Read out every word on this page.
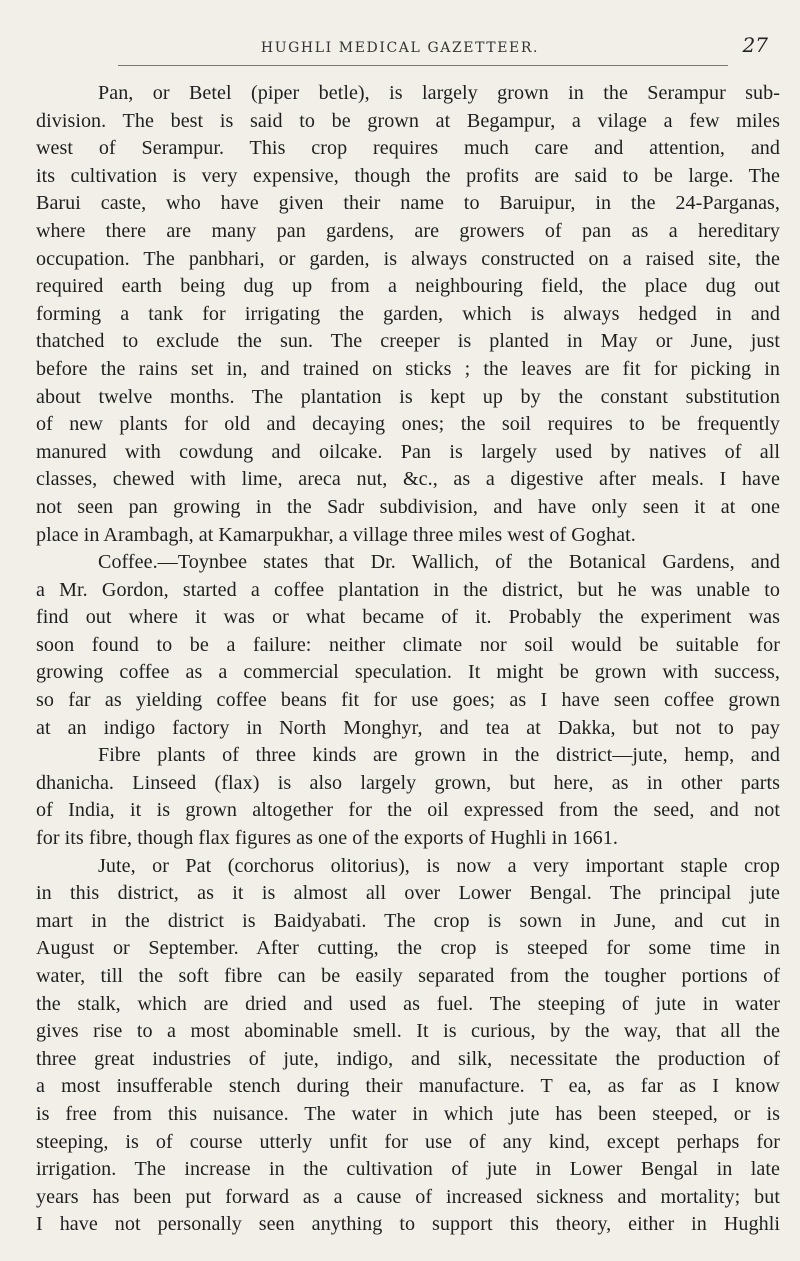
HUGHLI MEDICAL GAZETTEER.	27
Pan, or Betel (piper betle), is largely grown in the Serampur sub-
division. The best is said to be grown at Begampur, a vilage a few miles
west of Serampur. This crop requires much care and attention, and
its cultivation is very expensive, though the profits are said to be large. The
Barui caste, who have given their name to Baruipur, in the 24-Parganas,
where there are many pan gardens, are growers of pan as a hereditary
occupation. The panbhari, or garden, is always constructed on a raised site, the
required earth being dug up from a neighbouring field, the place dug out
forming a tank for irrigating the garden, which is always hedged in and
thatched to exclude the sun. The creeper is planted in May or June, just
before the rains set in, and trained on sticks ; the leaves are fit for picking in
about twelve months. The plantation is kept up by the constant substitution
of new plants for old and decaying ones; the soil requires to be frequently
manured with cowdung and oilcake. Pan is largely used by natives of all
classes, chewed with lime, areca nut, &c., as a digestive after meals. I have
not seen pan growing in the Sadr subdivision, and have only seen it at one
place in Arambagh, at Kamarpukhar, a village three miles west of Goghat.
Coffee.—Toynbee states that Dr. Wallich, of the Botanical Gardens, and
a Mr. Gordon, started a coffee plantation in the district, but he was unable to
find out where it was or what became of it. Probably the experiment was
soon found to be a failure: neither climate nor soil would be suitable for
growing coffee as a commercial speculation. It might be grown with success,
so far as yielding coffee beans fit for use goes; as I have seen coffee grown
at an indigo factory in North Monghyr, and tea at Dakka, but not to pay
Fibre plants of three kinds are grown in the district—jute, hemp, and
dhanicha. Linseed (flax) is also largely grown, but here, as in other parts
of India, it is grown altogether for the oil expressed from the seed, and not
for its fibre, though flax figures as one of the exports of Hughli in 1661.
Jute, or Pat (corchorus olitorius), is now a very important staple crop
in this district, as it is almost all over Lower Bengal. The principal jute
mart in the district is Baidyabati. The crop is sown in June, and cut in
August or September. After cutting, the crop is steeped for some time in
water, till the soft fibre can be easily separated from the tougher portions of
the stalk, which are dried and used as fuel. The steeping of jute in water
gives rise to a most abominable smell. It is curious, by the way, that all the
three great industries of jute, indigo, and silk, necessitate the production of
a most insufferable stench during their manufacture. T ea, as far as I know
is free from this nuisance. The water in which jute has been steeped, or is
steeping, is of course utterly unfit for use of any kind, except perhaps for
irrigation. The increase in the cultivation of jute in Lower Bengal in late
years has been put forward as a cause of increased sickness and mortality; but
I have not personally seen anything to support this theory, either in Hughli
